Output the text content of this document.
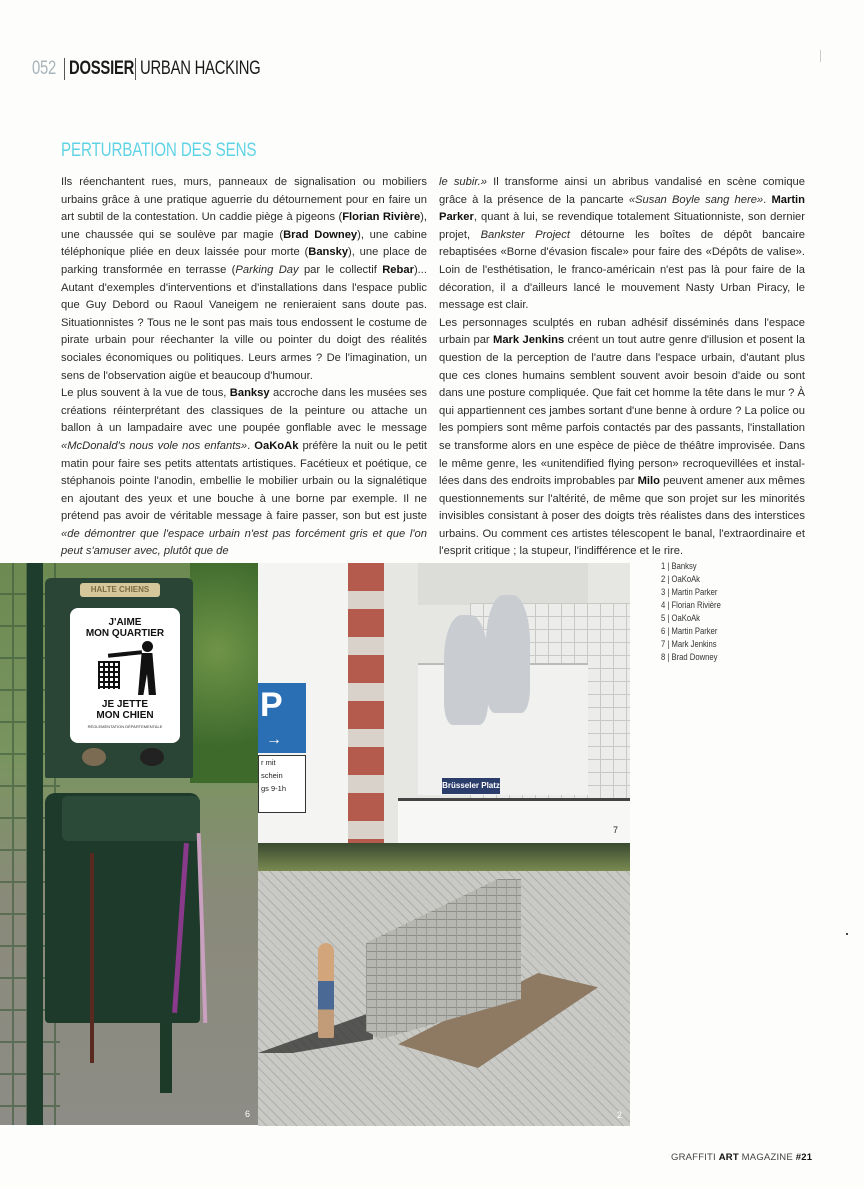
052 DOSSIER URBAN HACKING
PERTURBATION DES SENS

Ils réenchantent rues, murs, panneaux de signalisation ou mobiliers urbains grâce à une pratique aguerrie du détournement pour en faire un art subtil de la contestation. Un caddie piège à pigeons (Florian Rivière), une chaussée qui se soulève par magie (Brad Downey), une cabine téléphonique pliée en deux laissée pour morte (Bansky), une place de parking transformée en terrasse (Parking Day par le collectif Rebar)... Autant d'exemples d'interventions et d'installations dans l'espace public que Guy Debord ou Raoul Vaneigem ne renieraient sans doute pas. Situationnistes ? Tous ne le sont pas mais tous endossent le costume de pirate urbain pour réechanter la ville ou pointer du doigt des réalités sociales économiques ou politiques. Leurs armes ? De l'imagination, un sens de l'observation aigüe et beaucoup d'humour.

Le plus souvent à la vue de tous, Banksy accroche dans les musées ses créations réinterprétant des classiques de la peinture ou attache un ballon à un lampadaire avec une poupée gonflable avec le message «McDonald's nous vole nos enfants». OaKoAk préfère la nuit ou le petit matin pour faire ses petits attentats artistiques. Facétieux et poétique, ce stéphanois pointe l'anodin, embellie le mobilier urbain ou la signalétique en ajoutant des yeux et une bouche à une borne par exemple. Il ne prétend pas avoir de véritable message à faire passer, son but est juste «de démontrer que l'espace urbain n'est pas forcément gris et que l'on peut s'amuser avec, plutôt que de

le subir.» Il transforme ainsi un abribus vandalisé en scène comique grâce à la présence de la pancarte «Susan Boyle sang here». Martin Parker, quant à lui, se revendique totalement Situationniste, son dernier projet, Bankster Project détourne les boîtes de dépôt bancaire rebaptisées «Borne d'évasion fiscale» pour faire des «Dépôts de valise». Loin de l'esthétisation, le franco-américain n'est pas là pour faire de la décoration, il a d'ailleurs lancé le mouvement Nasty Urban Piracy, le message est clair.

Les personnages sculptés en ruban adhésif disséminés dans l'espace urbain par Mark Jenkins créent un tout autre genre d'illusion et posent la question de la perception de l'autre dans l'espace urbain, d'autant plus que ces clones humains semblent souvent avoir besoin d'aide ou sont dans une posture compliquée. Que fait cet homme la tête dans le mur ? À qui appartiennent ces jambes sortant d'une benne à ordure ? La police ou les pompiers sont même parfois contactés par des passants, l'installation se transforme alors en une espèce de pièce de théâtre improvisée. Dans le même genre, les «unitendified flying person» recroquevillées et installées dans des endroits improbables par Milo peuvent amener aux mêmes questionnements sur l'altérité, de même que son projet sur les minorités invisibles consistant à poser des doigts très réalistes dans des interstices urbains. Ou comment ces artistes télescopent le banal, l'extraordinaire et l'esprit critique ; la stupeur, l'indifférence et le rire.

HALTE CHIENS
J'AIME
MON QUARTIER
JE JETTE
MON CHIEN
RÉGLEMENTATION DÉPARTEMENTALE
6
Brüsseler Platz
P
→
r mit
schein
gs 9-1h
7
2
1 | Banksy
2 | OaKoAk
3 | Martin Parker
4 | Florian Rivière
5 | OaKoAk
6 | Martin Parker
7 | Mark Jenkins
8 | Brad Downey
GRAFFITI ART MAGAZINE #21
